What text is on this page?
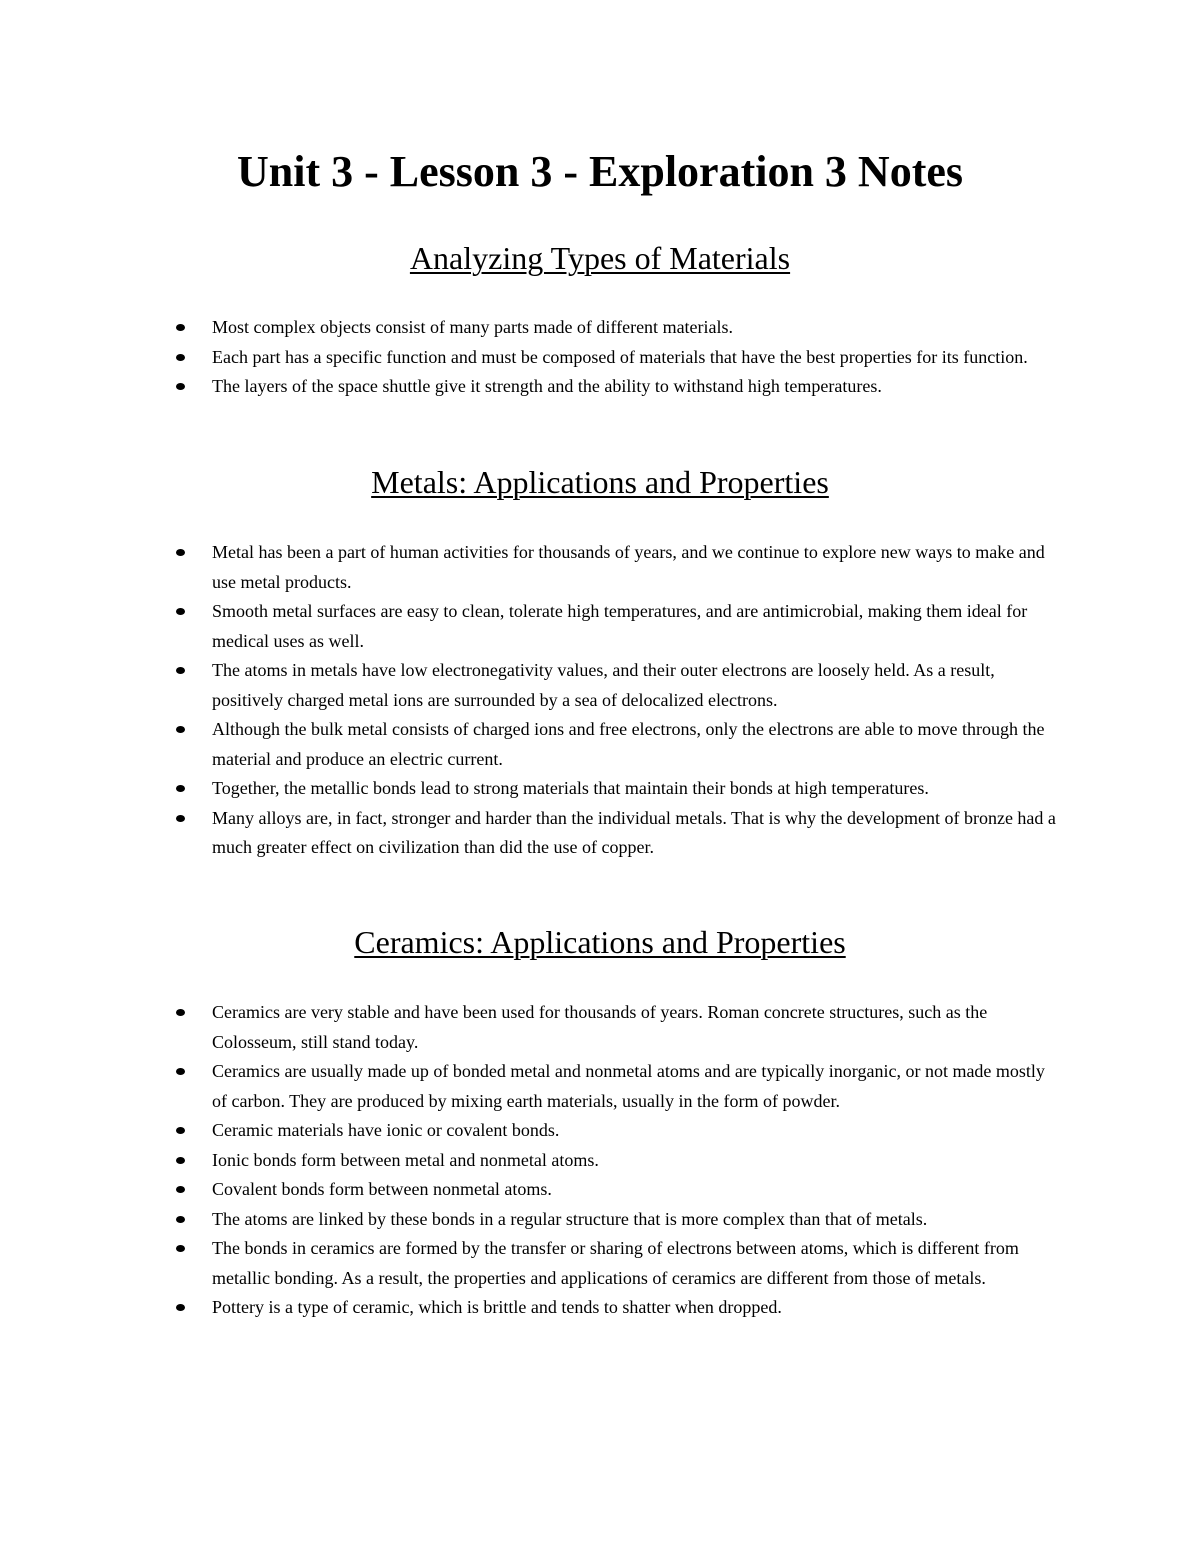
Unit 3 - Lesson 3 - Exploration 3 Notes
Analyzing Types of Materials
Most complex objects consist of many parts made of different materials.
Each part has a specific function and must be composed of materials that have the best properties for its function.
The layers of the space shuttle give it strength and the ability to withstand high temperatures.
Metals: Applications and Properties
Metal has been a part of human activities for thousands of years, and we continue to explore new ways to make and use metal products.
Smooth metal surfaces are easy to clean, tolerate high temperatures, and are antimicrobial, making them ideal for medical uses as well.
The atoms in metals have low electronegativity values, and their outer electrons are loosely held. As a result, positively charged metal ions are surrounded by a sea of delocalized electrons.
Although the bulk metal consists of charged ions and free electrons, only the electrons are able to move through the material and produce an electric current.
Together, the metallic bonds lead to strong materials that maintain their bonds at high temperatures.
Many alloys are, in fact, stronger and harder than the individual metals. That is why the development of bronze had a much greater effect on civilization than did the use of copper.
Ceramics: Applications and Properties
Ceramics are very stable and have been used for thousands of years. Roman concrete structures, such as the Colosseum, still stand today.
Ceramics are usually made up of bonded metal and nonmetal atoms and are typically inorganic, or not made mostly of carbon. They are produced by mixing earth materials, usually in the form of powder.
Ceramic materials have ionic or covalent bonds.
Ionic bonds form between metal and nonmetal atoms.
Covalent bonds form between nonmetal atoms.
The atoms are linked by these bonds in a regular structure that is more complex than that of metals.
The bonds in ceramics are formed by the transfer or sharing of electrons between atoms, which is different from metallic bonding. As a result, the properties and applications of ceramics are different from those of metals.
Pottery is a type of ceramic, which is brittle and tends to shatter when dropped.
